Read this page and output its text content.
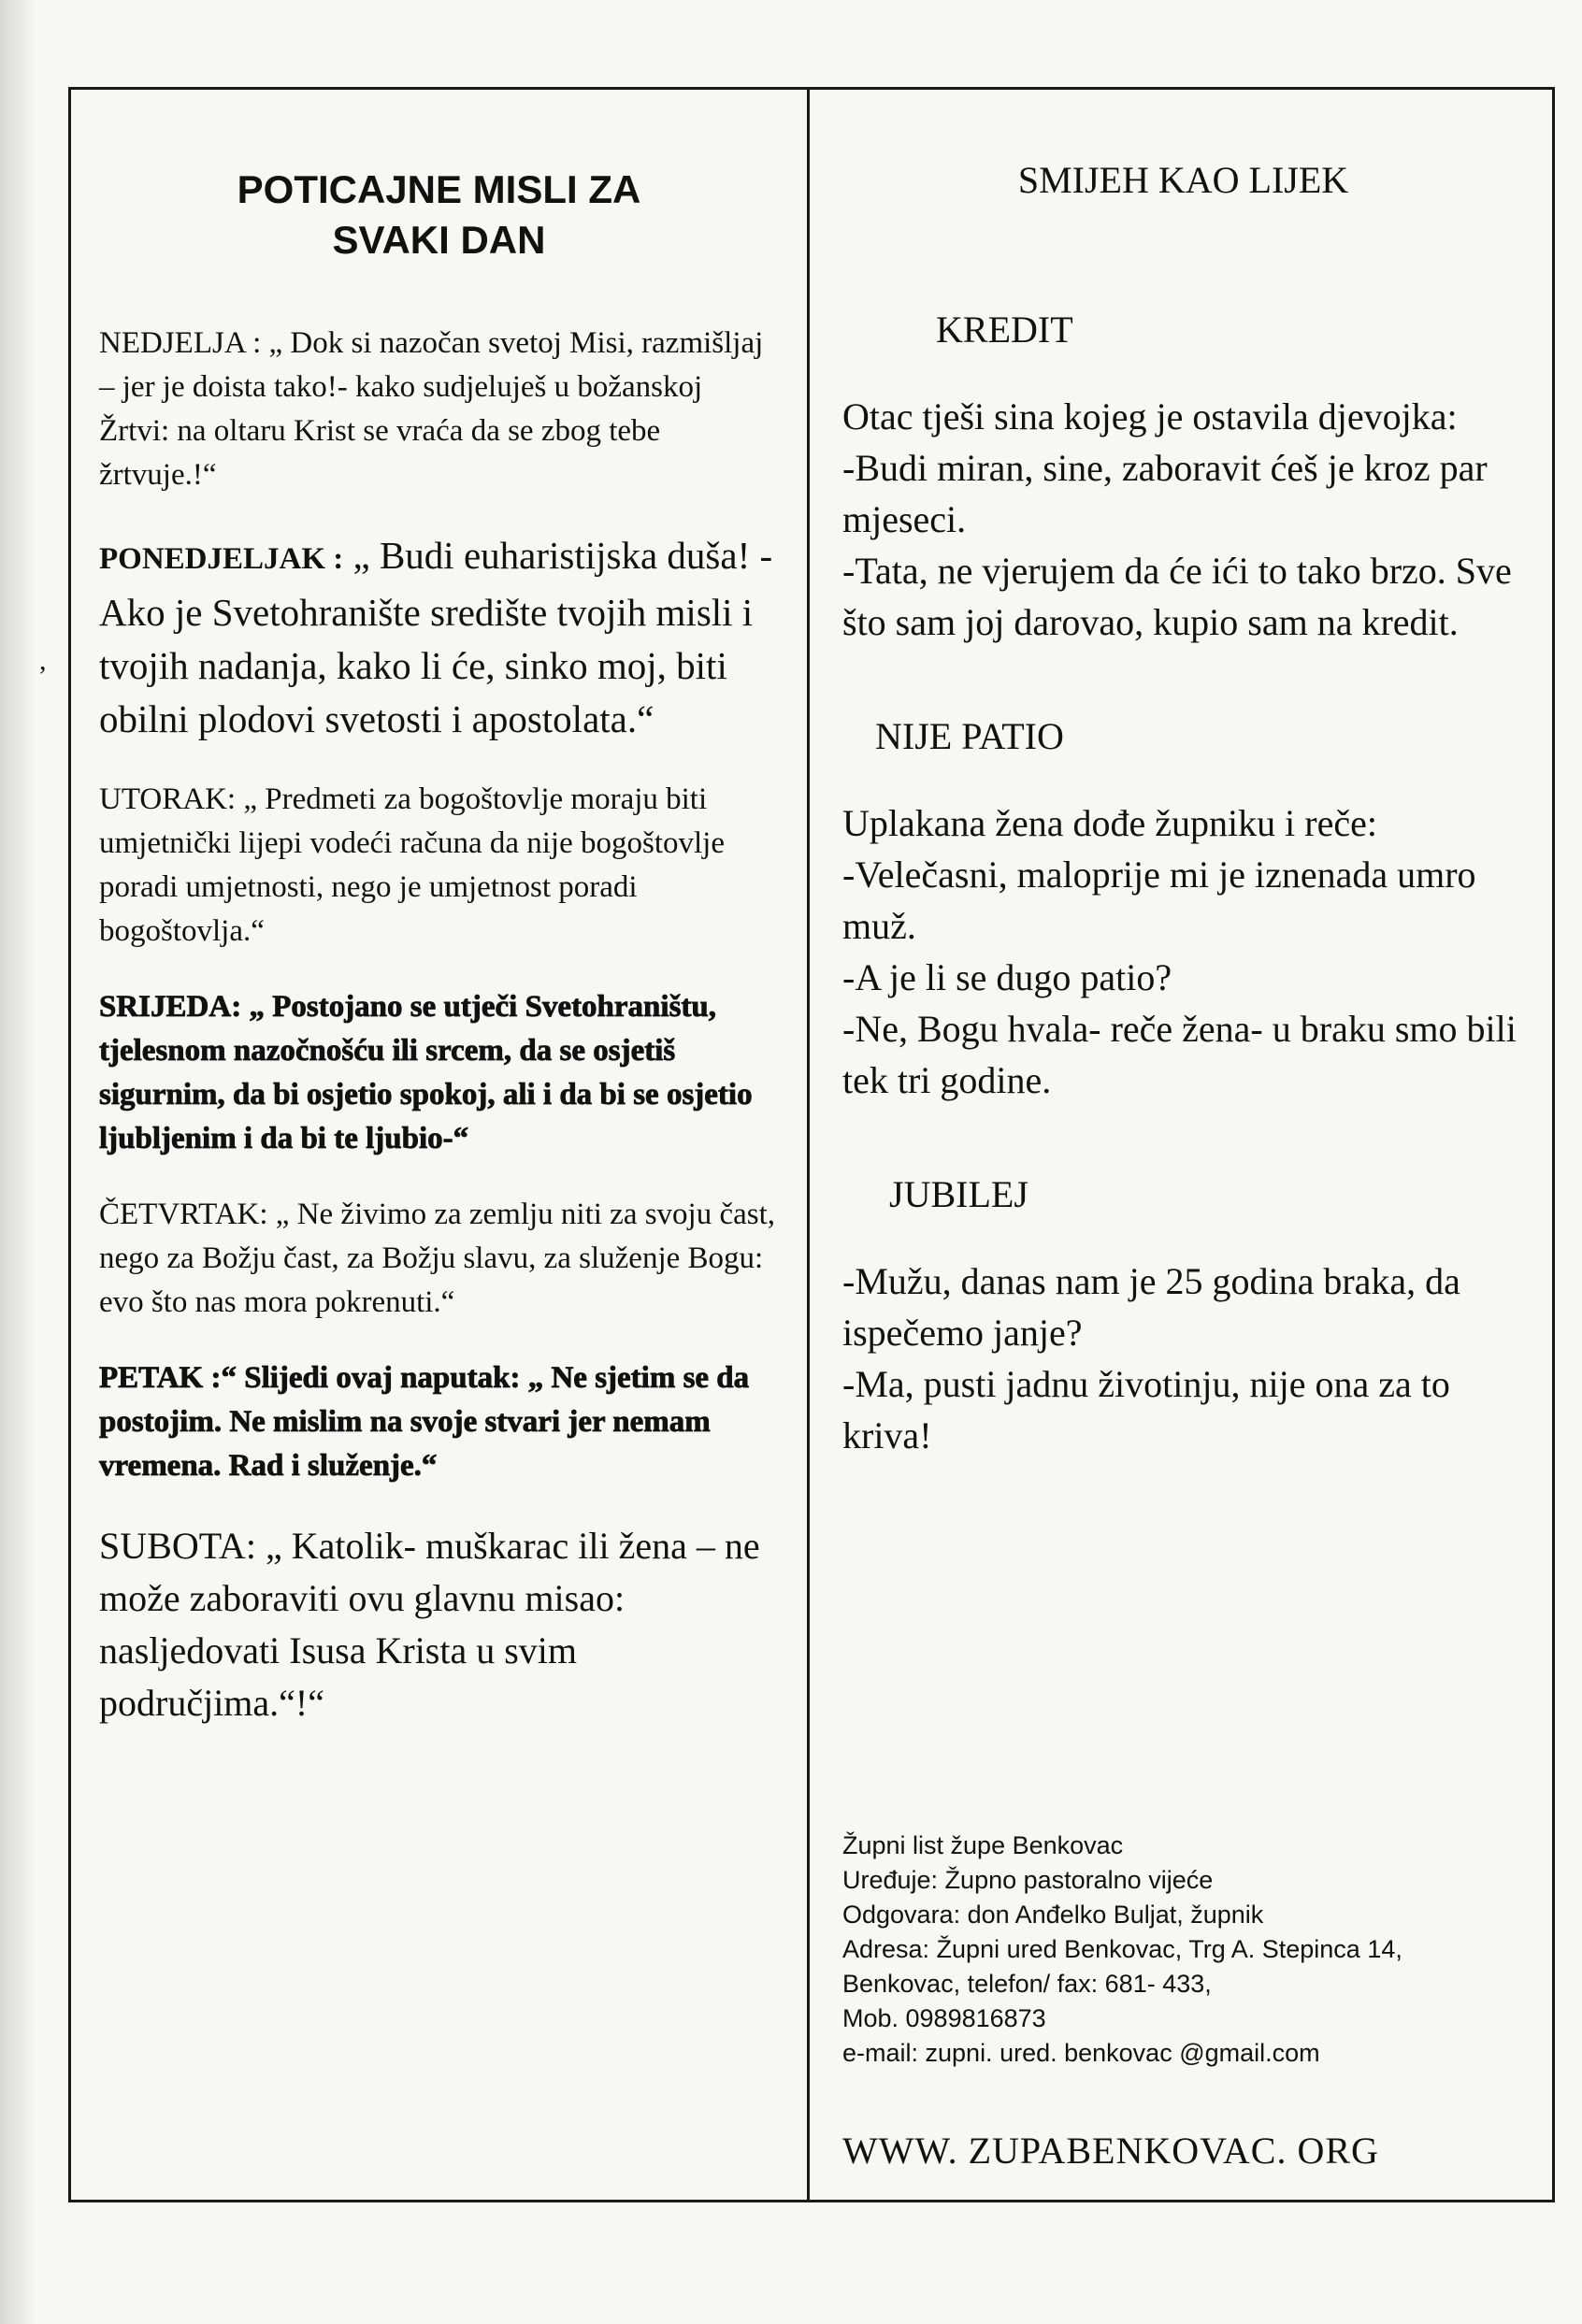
,
POTICAJNE MISLI ZA
SVAKI DAN

NEDJELJA : „ Dok si nazočan svetoj Misi, razmišljaj – jer je doista tako!- kako sudjeluješ u božanskoj Žrtvi: na oltaru Krist se vraća da se zbog tebe žrtvuje.!“

PONEDJELJAK : „ Budi euharistijska duša! -Ako je Svetohranište središte tvojih misli i tvojih nadanja, kako li će, sinko moj, biti obilni plodovi svetosti i apostolata.“

UTORAK: „ Predmeti za bogoštovlje moraju biti umjetnički lijepi vodeći računa da nije bogoštovlje poradi umjetnosti, nego je umjetnost poradi bogoštovlja.“

SRIJEDA: „ Postojano se utječi Svetohraništu, tjelesnom nazočnošću ili srcem, da se osjetiš sigurnim, da bi osjetio spokoj, ali i da bi se osjetio ljubljenim i da bi te ljubio-“

ČETVRTAK: „ Ne živimo za zemlju niti za svoju čast, nego za Božju čast, za Božju slavu, za služenje Bogu: evo što nas mora pokrenuti.“

PETAK :“ Slijedi ovaj naputak: „ Ne sjetim se da postojim. Ne mislim na svoje stvari jer nemam vremena. Rad i služenje.“

SUBOTA: „ Katolik- muškarac ili žena – ne može zaboraviti ovu glavnu misao: nasljedovati Isusa Krista u svim područjima.“!“

SMIJEH KAO LIJEK
KREDIT
Otac tješi sina kojeg je ostavila djevojka:
-Budi miran, sine, zaboravit ćeš je kroz par mjeseci.
-Tata, ne vjerujem da će ići to tako brzo. Sve što sam joj darovao, kupio sam na kredit.
NIJE PATIO
Uplakana žena dođe župniku i reče:
-Velečasni, maloprije mi je iznenada umro muž.
-A je li se dugo patio?
-Ne, Bogu hvala- reče žena- u braku smo bili tek tri godine.
JUBILEJ
-Mužu, danas nam je 25 godina braka, da ispečemo janje?
-Ma, pusti jadnu životinju, nije ona za to kriva!
Župni list župe Benkovac
Uređuje: Župno pastoralno vijeće
Odgovara: don Anđelko Buljat, župnik
Adresa: Župni ured Benkovac, Trg A. Stepinca 14,
Benkovac, telefon/ fax: 681- 433,
Mob. 0989816873
e-mail: zupni. ured. benkovac @gmail.com
WWW. ZUPABENKOVAC. ORG
